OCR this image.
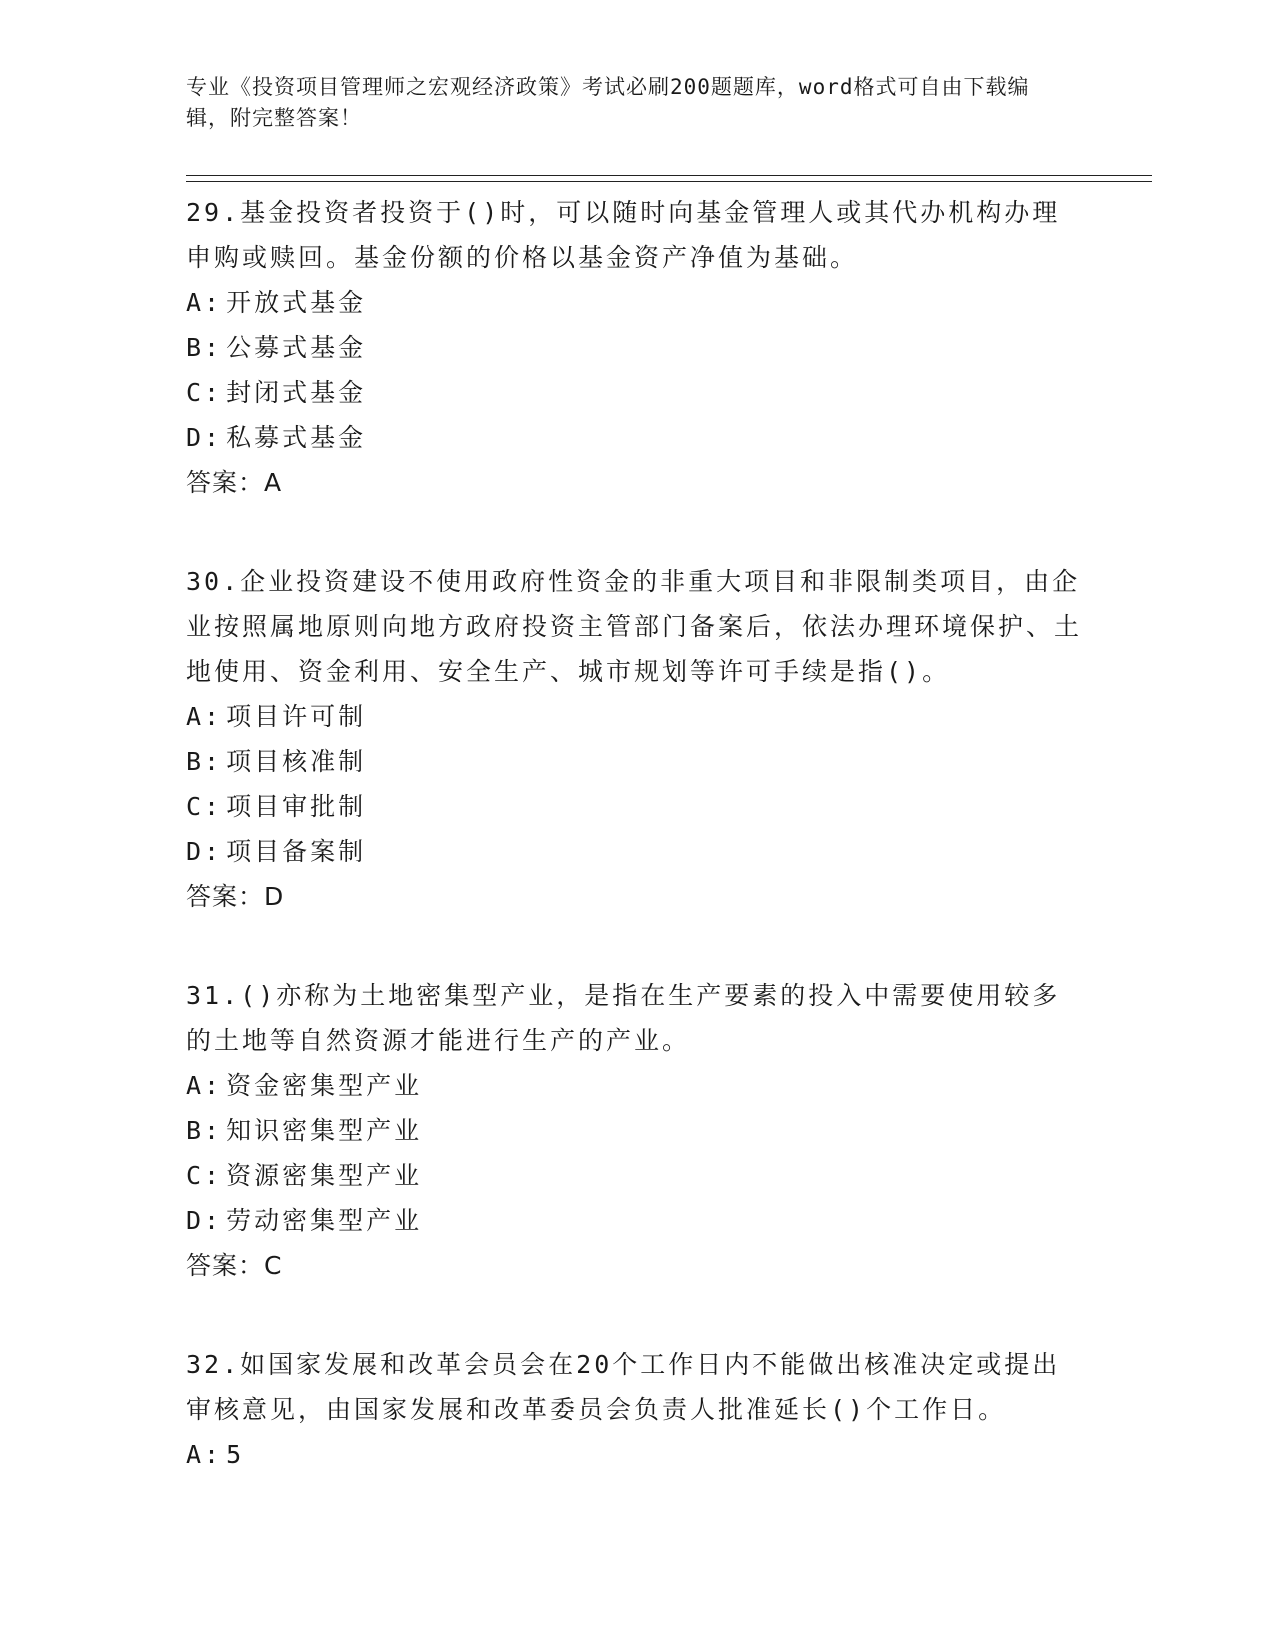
专业《投资项目管理师之宏观经济政策》考试必刷200题题库，word格式可自由下载编辑，附完整答案！

29.基金投资者投资于()时，可以随时向基金管理人或其代办机构办理申购或赎回。基金份额的价格以基金资产净值为基础。

A: 开放式基金

B: 公募式基金

C: 封闭式基金

D: 私募式基金

答案：A

30.企业投资建设不使用政府性资金的非重大项目和非限制类项目，由企业按照属地原则向地方政府投资主管部门备案后，依法办理环境保护、土地使用、资金利用、安全生产、城市规划等许可手续是指()。

A: 项目许可制

B: 项目核准制

C: 项目审批制

D: 项目备案制

答案：D

31.()亦称为土地密集型产业，是指在生产要素的投入中需要使用较多的土地等自然资源才能进行生产的产业。

A: 资金密集型产业

B: 知识密集型产业

C: 资源密集型产业

D: 劳动密集型产业

答案：C

32.如国家发展和改革会员会在20个工作日内不能做出核准决定或提出审核意见，由国家发展和改革委员会负责人批准延长()个工作日。

A: 5
